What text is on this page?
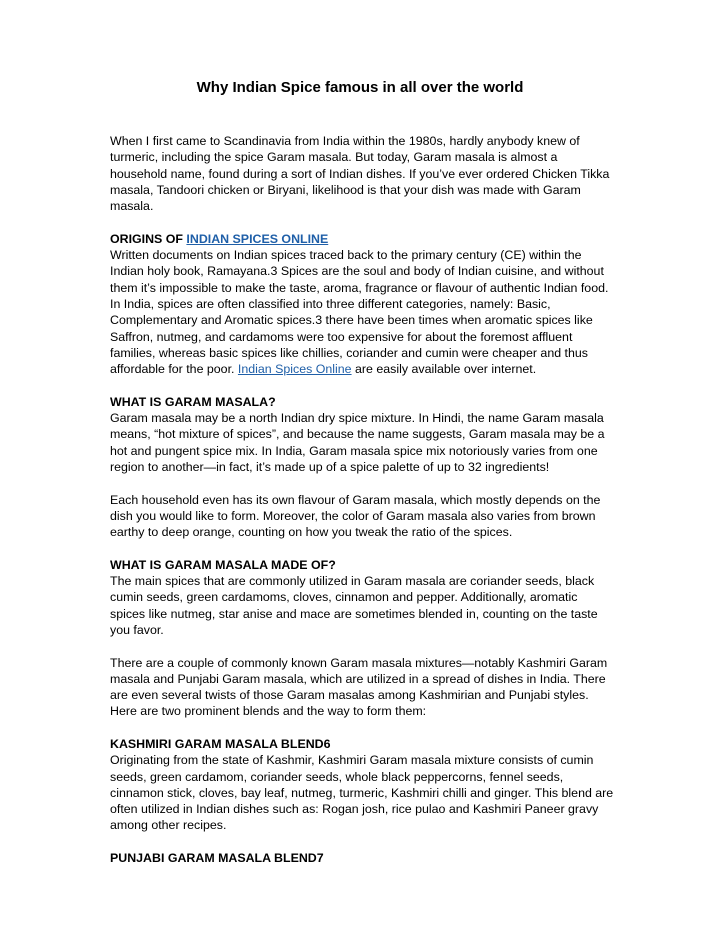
Why Indian Spice famous in all over the world

When I first came to Scandinavia from India within the 1980s, hardly anybody knew of turmeric, including the spice Garam masala. But today, Garam masala is almost a household name, found during a sort of Indian dishes. If you’ve ever ordered Chicken Tikka masala, Tandoori chicken or Biryani, likelihood is that your dish was made with Garam masala.

ORIGINS OF INDIAN SPICES ONLINE

Written documents on Indian spices traced back to the primary century (CE) within the Indian holy book, Ramayana.3 Spices are the soul and body of Indian cuisine, and without them it’s impossible to make the taste, aroma, fragrance or flavour of authentic Indian food. In India, spices are often classified into three different categories, namely: Basic, Complementary and Aromatic spices.3 there have been times when aromatic spices like Saffron, nutmeg, and cardamoms were too expensive for about the foremost affluent families, whereas basic spices like chillies, coriander and cumin were cheaper and thus affordable for the poor. Indian Spices Online are easily available over internet.

WHAT IS GARAM MASALA?
Garam masala may be a north Indian dry spice mixture. In Hindi, the name Garam masala means, “hot mixture of spices”, and because the name suggests, Garam masala may be a hot and pungent spice mix. In India, Garam masala spice mix notoriously varies from one region to another—in fact, it’s made up of a spice palette of up to 32 ingredients!

Each household even has its own flavour of Garam masala, which mostly depends on the dish you would like to form. Moreover, the color of Garam masala also varies from brown earthy to deep orange, counting on how you tweak the ratio of the spices.

WHAT IS GARAM MASALA MADE OF?
The main spices that are commonly utilized in Garam masala are coriander seeds, black cumin seeds, green cardamoms, cloves, cinnamon and pepper. Additionally, aromatic spices like nutmeg, star anise and mace are sometimes blended in, counting on the taste you favor.

There are a couple of commonly known Garam masala mixtures—notably Kashmiri Garam masala and Punjabi Garam masala, which are utilized in a spread of dishes in India. There are even several twists of those Garam masalas among Kashmirian and Punjabi styles. Here are two prominent blends and the way to form them:

KASHMIRI GARAM MASALA BLEND6
Originating from the state of Kashmir, Kashmiri Garam masala mixture consists of cumin seeds, green cardamom, coriander seeds, whole black peppercorns, fennel seeds, cinnamon stick, cloves, bay leaf, nutmeg, turmeric, Kashmiri chilli and ginger. This blend are often utilized in Indian dishes such as: Rogan josh, rice pulao and Kashmiri Paneer gravy among other recipes.

PUNJABI GARAM MASALA BLEND7
